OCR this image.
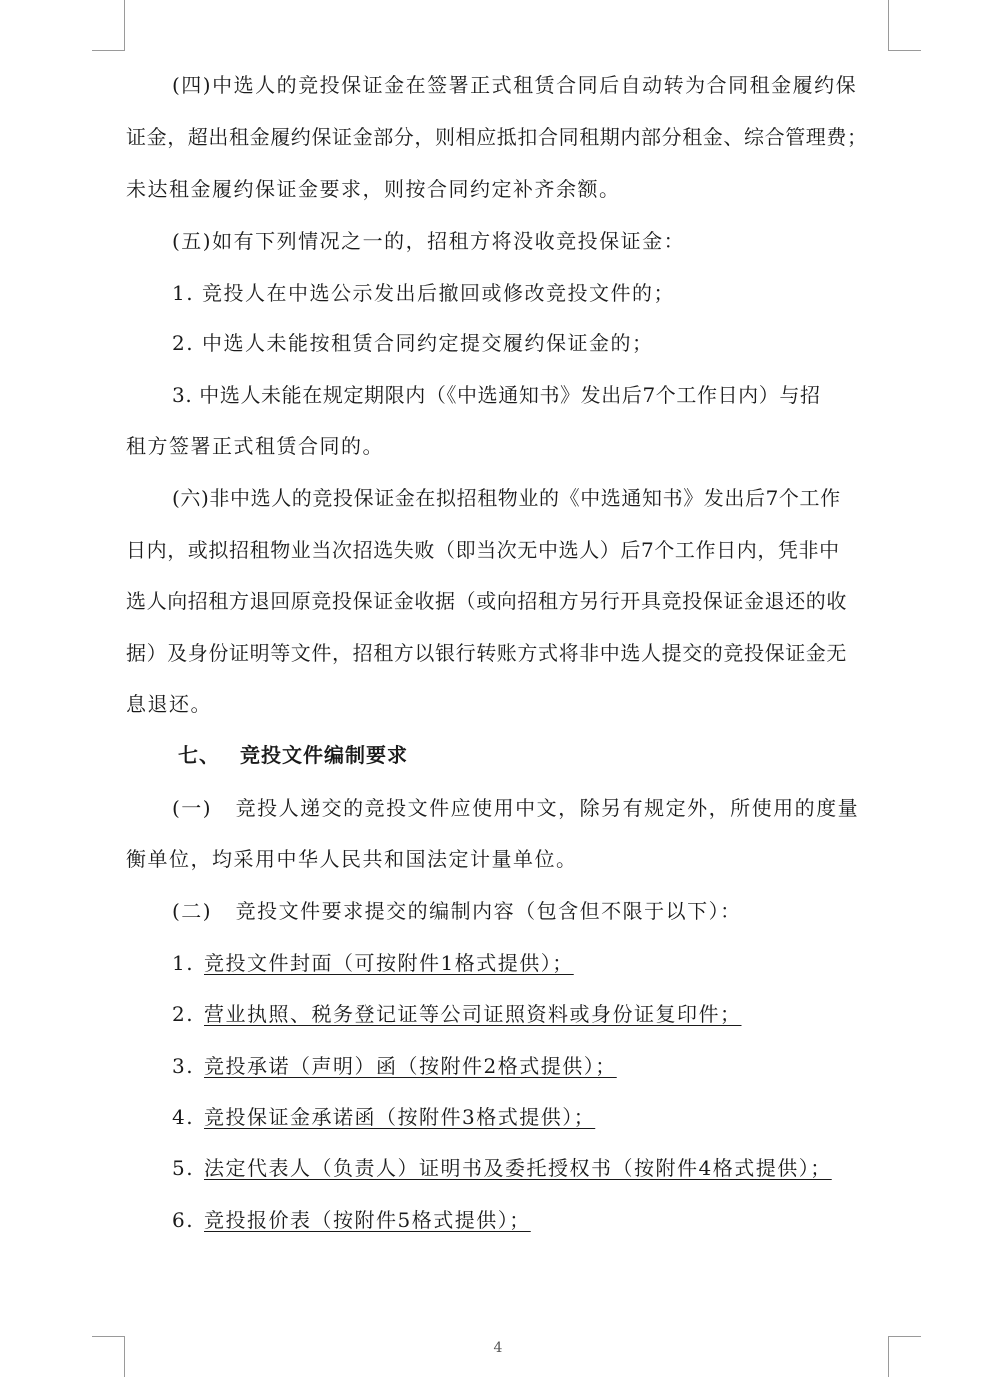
(四)中选人的竞投保证金在签署正式租赁合同后自动转为合同租金履约保
证金，超出租金履约保证金部分，则相应抵扣合同租期内部分租金、综合管理费；
未达租金履约保证金要求，则按合同约定补齐余额。
(五)如有下列情况之一的，招租方将没收竞投保证金：
1. 竞投人在中选公示发出后撤回或修改竞投文件的；
2. 中选人未能按租赁合同约定提交履约保证金的；
3. 中选人未能在规定期限内（《中选通知书》发出后7个工作日内）与招
租方签署正式租赁合同的。
(六)非中选人的竞投保证金在拟招租物业的《中选通知书》发出后7个工作
日内，或拟招租物业当次招选失败（即当次无中选人）后7个工作日内，凭非中
选人向招租方退回原竞投保证金收据（或向招租方另行开具竞投保证金退还的收
据）及身份证明等文件，招租方以银行转账方式将非中选人提交的竞投保证金无
息退还。
七、 竞投文件编制要求
(一)   竞投人递交的竞投文件应使用中文，除另有规定外，所使用的度量
衡单位，均采用中华人民共和国法定计量单位。
(二)   竞投文件要求提交的编制内容（包含但不限于以下）：
1. 竞投文件封面（可按附件1格式提供）；
2. 营业执照、税务登记证等公司证照资料或身份证复印件；
3. 竞投承诺（声明）函（按附件2格式提供）；
4. 竞投保证金承诺函（按附件3格式提供）；
5. 法定代表人（负责人）证明书及委托授权书（按附件4格式提供）；
6. 竞投报价表（按附件5格式提供）；
4
